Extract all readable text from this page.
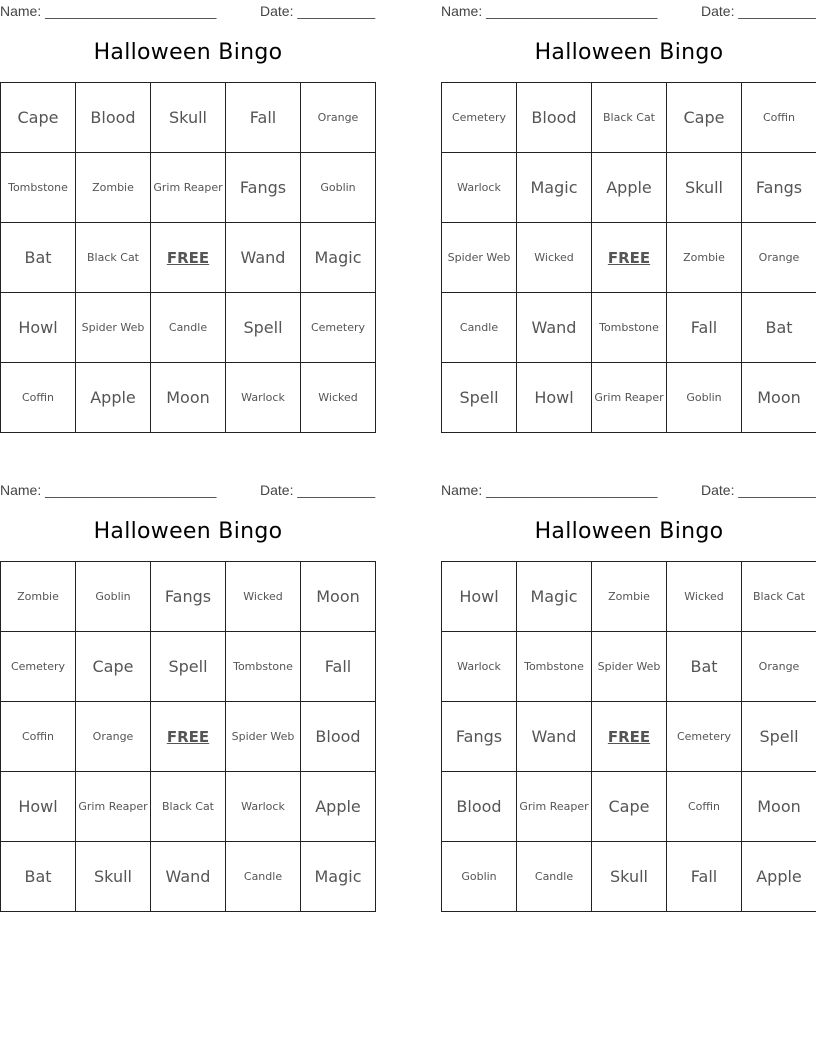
Name: ______________________	Date: __________
Halloween Bingo
Cape	Blood	Skull	Fall	Orange
Tombstone	Zombie	Grim Reaper	Fangs	Goblin
Bat	Black Cat	FREE	Wand	Magic
Howl	Spider Web	Candle	Spell	Cemetery
Coffin	Apple	Moon	Warlock	Wicked
Name: ______________________	Date: __________
Halloween Bingo
Cemetery	Blood	Black Cat	Cape	Coffin
Warlock	Magic	Apple	Skull	Fangs
Spider Web	Wicked	FREE	Zombie	Orange
Candle	Wand	Tombstone	Fall	Bat
Spell	Howl	Grim Reaper	Goblin	Moon
Name: ______________________	Date: __________
Halloween Bingo
Zombie	Goblin	Fangs	Wicked	Moon
Cemetery	Cape	Spell	Tombstone	Fall
Coffin	Orange	FREE	Spider Web	Blood
Howl	Grim Reaper	Black Cat	Warlock	Apple
Bat	Skull	Wand	Candle	Magic
Name: ______________________	Date: __________
Halloween Bingo
Howl	Magic	Zombie	Wicked	Black Cat
Warlock	Tombstone	Spider Web	Bat	Orange
Fangs	Wand	FREE	Cemetery	Spell
Blood	Grim Reaper	Cape	Coffin	Moon
Goblin	Candle	Skull	Fall	Apple
